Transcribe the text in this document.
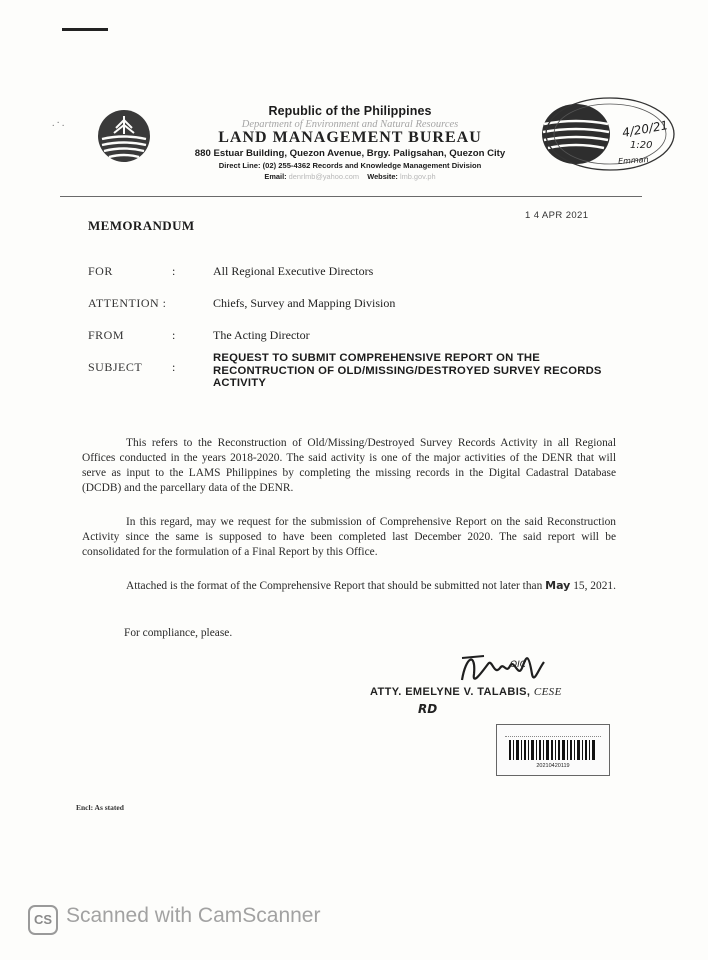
.·.
Republic of the Philippines
Department of Environment and Natural Resources
LAND MANAGEMENT BUREAU
880 Estuar Building, Quezon Avenue, Brgy. Paligsahan, Quezon City
Direct Line: (02) 255-4362 Records and Knowledge Management Division
Email: denrlmb@yahoo.com Website: lmb.gov.ph
4/20/21
1:20
Emman
MEMORANDUM
1 4 APR 2021
FOR	:	All Regional Executive Directors
ATTENTION :	Chiefs, Survey and Mapping Division
FROM	:	The Acting Director
SUBJECT :
REQUEST TO SUBMIT COMPREHENSIVE REPORT ON THE RECONTRUCTION OF OLD/MISSING/DESTROYED SURVEY RECORDS ACTIVITY
This refers to the Reconstruction of Old/Missing/Destroyed Survey Records Activity in all Regional Offices conducted in the years 2018-2020. The said activity is one of the major activities of the DENR that will serve as input to the LAMS Philippines by completing the missing records in the Digital Cadastral Database (DCDB) and the parcellary data of the DENR.
In this regard, may we request for the submission of Comprehensive Report on the said Reconstruction Activity since the same is supposed to have been completed last December 2020. The said report will be consolidated for the formulation of a Final Report by this Office.
Attached is the format of the Comprehensive Report that should be submitted not later than May 15, 2021.
For compliance, please.
OIC
ATTY. EMELYNE V. TALABIS, CESE
RD
20210420119
Encl: As stated
CS Scanned with CamScanner
